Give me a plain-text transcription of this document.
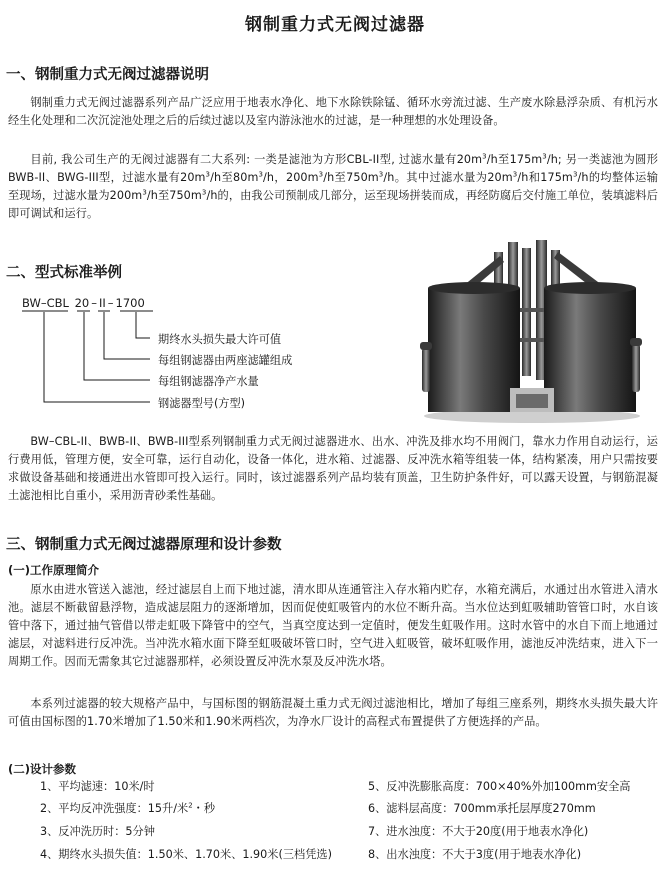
钢制重力式无阀过滤器
一、钢制重力式无阀过滤器说明
钢制重力式无阀过滤器系列产品广泛应用于地表水净化、地下水除铁除锰、循环水旁流过滤、生产废水除悬浮杂质、有机污水经生化处理和二次沉淀池处理之后的后续过滤以及室内游泳池水的过滤，是一种理想的水处理设备。
目前, 我公司生产的无阀过滤器有二大系列: 一类是滤池为方形CBL-II型, 过滤水量有$20m^3/h$至$175m^3/h$; 另一类滤池为圆形BWB-II、BWG-III型，过滤水量有$20m^3/h$至$80m^3/h$，$200m^3/h$至$750m^3/h$。其中过滤水量为$20m^3/h$和$175m^3/h$的均整体运输至现场，过滤水量为$200m^3/h$至$750m^3/h$的，由我公司预制成几部分，运至现场拼装而成，再经防腐后交付施工单位，装填滤料后即可调试和运行。
二、型式标准举例
BW–CBL 20 – II – 1700
期终水头损失最大许可值
每组钢滤器由两座滤罐组成
每组钢滤器净产水量
钢滤器型号(方型)
BW–CBL-II、BWB-II、BWB-III型系列钢制重力式无阀过滤器进水、出水、冲洗及排水均不用阀门，靠水力作用自动运行，运行费用低，管理方便，安全可靠，运行自动化，设备一体化，进水箱、过滤器、反冲洗水箱等组装一体，结构紧凑，用户只需按要求做设备基础和接通进出水管即可投入运行。同时，该过滤器系列产品均装有顶盖，卫生防护条件好，可以露天设置，与钢筋混凝土滤池相比自重小，采用沥青砂柔性基础。
三、钢制重力式无阀过滤器原理和设计参数
(一)工作原理简介
原水由进水管送入滤池，经过滤层自上而下地过滤，清水即从连通管注入存水箱内贮存，水箱充满后，水通过出水管进入清水池。滤层不断截留悬浮物，造成滤层阻力的逐渐增加，因而促使虹吸管内的水位不断升高。当水位达到虹吸辅助管管口时，水自该管中落下，通过抽气管借以带走虹吸下降管中的空气，当真空度达到一定值时，便发生虹吸作用。这时水管中的水自下而上地通过滤层，对滤料进行反冲洗。当冲洗水箱水面下降至虹吸破坏管口时，空气进入虹吸管，破坏虹吸作用，滤池反冲洗结束，进入下一周期工作。因而无需象其它过滤器那样，必须设置反冲洗水泵及反冲洗水塔。
本系列过滤器的较大规格产品中，与国标图的钢筋混凝土重力式无阀过滤池相比，增加了每组三座系列，期终水头损失最大许可值由国标图的1.70米增加了1.50米和1.90米两档次，为净水厂设计的高程式布置提供了方便选择的产品。
(二)设计参数
1、平均滤速：10米/时
2、平均反冲洗强度：15升/米$^2$・秒
3、反冲洗历时：5分钟
4、期终水头损失值：1.50米、1.70米、1.90米(三档凭选)
5、反冲洗膨胀高度：700×40%外加100mm安全高
6、滤料层高度：700mm承托层厚度270mm
7、进水浊度：不大于20度(用于地表水净化)
8、出水浊度：不大于3度(用于地表水净化)
